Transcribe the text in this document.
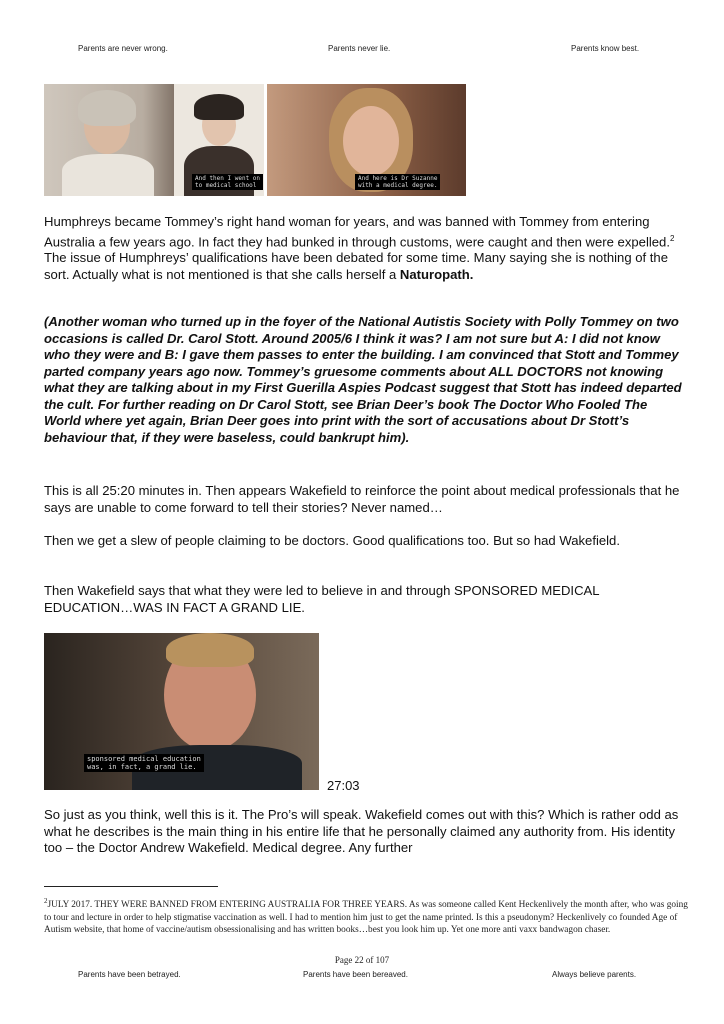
Parents are never wrong.	Parents never lie.	Parents know best.
And then I went on
to medical school
And here is Dr Suzanne
with a medical degree.

Humphreys became Tommey’s right hand woman for years, and was banned with Tommey from entering Australia a few years ago. In fact they had bunked in through customs, were caught and then were expelled.$^2$ The issue of Humphreys’ qualifications have been debated for some time. Many saying she is nothing of the sort. Actually what is not mentioned is that she calls herself a Naturopath.

(Another woman who turned up in the foyer of the National Autistis Society with Polly Tommey on two occasions is called Dr. Carol Stott. Around 2005/6 I think it was? I am not sure but A: I did not know who they were and B: I gave them passes to enter the building. I am convinced that Stott and Tommey parted company years ago now. Tommey’s gruesome comments about ALL DOCTORS not knowing what they are talking about in my First Guerilla Aspies Podcast suggest that Stott has indeed departed the cult. For further reading on Dr Carol Stott, see Brian Deer’s book The Doctor Who Fooled The World where yet again, Brian Deer goes into print with the sort of accusations about Dr Stott’s behaviour that, if they were baseless, could bankrupt him).

This is all 25:20 minutes in. Then appears Wakefield to reinforce the point about medical professionals that he says are unable to come forward to tell their stories? Never named…

Then we get a slew of people claiming to be doctors. Good qualifications too. But so had Wakefield.

Then Wakefield says that what they were led to believe in and through SPONSORED MEDICAL EDUCATION…WAS IN FACT A GRAND LIE.

sponsored medical education
was, in fact, a grand lie.
27:03

So just as you think, well this is it. The Pro’s will speak. Wakefield comes out with this? Which is rather odd as what he describes is the main thing in his entire life that he personally claimed any authority from. His identity too – the Doctor Andrew Wakefield. Medical degree. Any further

$^2$JULY 2017. THEY WERE BANNED FROM ENTERING AUSTRALIA FOR THREE YEARS. As was someone called Kent Heckenlively the month after, who was going to tour and lecture in order to help stigmatise vaccination as well. I had to mention him just to get the name printed. Is this a pseudonym? Heckenlively co founded Age of Autism website, that home of vaccine/autism obsessionalising and has written books…best you look him up. Yet one more anti vaxx bandwagon chaser.

Page 22 of 107
Parents have been betrayed.	Parents have been bereaved.	Always believe parents.
